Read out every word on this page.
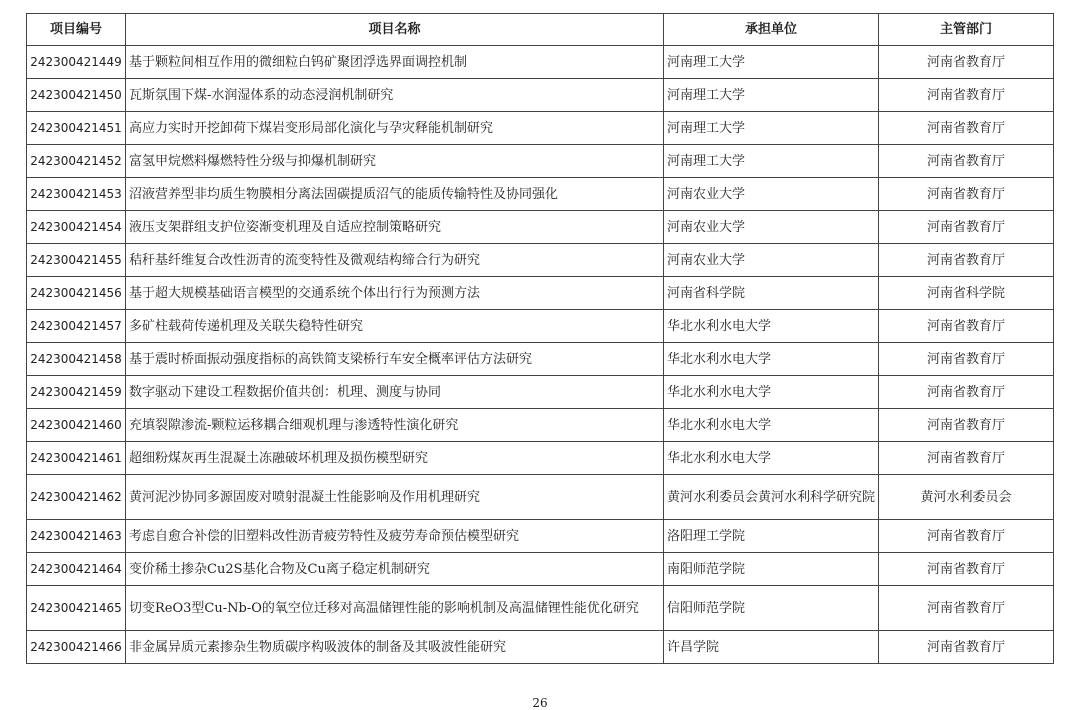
项目编号	项目名称	承担单位	主管部门
242300421449	基于颗粒间相互作用的微细粒白钨矿聚团浮选界面调控机制	河南理工大学	河南省教育厅
242300421450	瓦斯氛围下煤-水润湿体系的动态浸润机制研究	河南理工大学	河南省教育厅
242300421451	高应力实时开挖卸荷下煤岩变形局部化演化与孕灾释能机制研究	河南理工大学	河南省教育厅
242300421452	富氢甲烷燃料爆燃特性分级与抑爆机制研究	河南理工大学	河南省教育厅
242300421453	沼液营养型非均质生物膜相分离法固碳提质沼气的能质传输特性及协同强化	河南农业大学	河南省教育厅
242300421454	液压支架群组支护位姿渐变机理及自适应控制策略研究	河南农业大学	河南省教育厅
242300421455	秸秆基纤维复合改性沥青的流变特性及微观结构缔合行为研究	河南农业大学	河南省教育厅
242300421456	基于超大规模基础语言模型的交通系统个体出行行为预测方法	河南省科学院	河南省科学院
242300421457	多矿柱载荷传递机理及关联失稳特性研究	华北水利水电大学	河南省教育厅
242300421458	基于震时桥面振动强度指标的高铁简支梁桥行车安全概率评估方法研究	华北水利水电大学	河南省教育厅
242300421459	数字驱动下建设工程数据价值共创：机理、测度与协同	华北水利水电大学	河南省教育厅
242300421460	充填裂隙渗流-颗粒运移耦合细观机理与渗透特性演化研究	华北水利水电大学	河南省教育厅
242300421461	超细粉煤灰再生混凝土冻融破坏机理及损伤模型研究	华北水利水电大学	河南省教育厅
242300421462	黄河泥沙协同多源固废对喷射混凝土性能影响及作用机理研究	黄河水利委员会黄河水利科学研究院	黄河水利委员会
242300421463	考虑自愈合补偿的旧塑料改性沥青疲劳特性及疲劳寿命预估模型研究	洛阳理工学院	河南省教育厅
242300421464	变价稀土掺杂Cu2S基化合物及Cu离子稳定机制研究	南阳师范学院	河南省教育厅
242300421465	切变ReO3型Cu-Nb-O的氧空位迁移对高温储锂性能的影响机制及高温储锂性能优化研究	信阳师范学院	河南省教育厅
242300421466	非金属异质元素掺杂生物质碳序构吸波体的制备及其吸波性能研究	许昌学院	河南省教育厅
26
